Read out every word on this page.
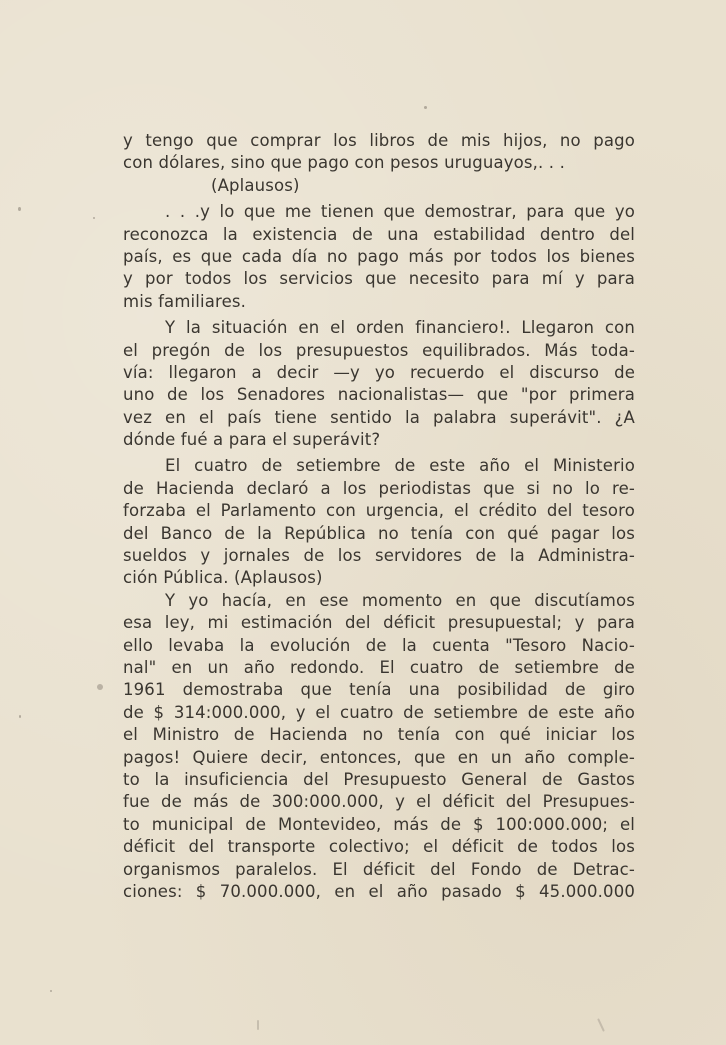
y tengo que comprar los libros de mis hijos, no pago
con dólares, sino que pago con pesos uruguayos,. . .
(Aplausos)
. . .y lo que me tienen que demostrar, para que yo
reconozca la existencia de una estabilidad dentro del
país, es que cada día no pago más por todos los bienes
y por todos los servicios que necesito para mí y para
mis familiares.
Y la situación en el orden financiero!. Llegaron con
el pregón de los presupuestos equilibrados. Más toda-
vía: llegaron a decir —y yo recuerdo el discurso de
uno de los Senadores nacionalistas— que "por primera
vez en el país tiene sentido la palabra superávit". ¿A
dónde fué a para el superávit?
El cuatro de setiembre de este año el Ministerio
de Hacienda declaró a los periodistas que si no lo re-
forzaba el Parlamento con urgencia, el crédito del tesoro
del Banco de la República no tenía con qué pagar los
sueldos y jornales de los servidores de la Administra-
ción Pública. (Aplausos)
Y yo hacía, en ese momento en que discutíamos
esa ley, mi estimación del déficit presupuestal; y para
ello levaba la evolución de la cuenta "Tesoro Nacio-
nal" en un año redondo. El cuatro de setiembre de
1961 demostraba que tenía una posibilidad de giro
de $ 314:000.000, y el cuatro de setiembre de este año
el Ministro de Hacienda no tenía con qué iniciar los
pagos! Quiere decir, entonces, que en un año comple-
to la insuficiencia del Presupuesto General de Gastos
fue de más de 300:000.000, y el déficit del Presupues-
to municipal de Montevideo, más de $ 100:000.000; el
déficit del transporte colectivo; el déficit de todos los
organismos paralelos. El déficit del Fondo de Detrac-
ciones: $ 70.000.000, en el año pasado $ 45.000.000
